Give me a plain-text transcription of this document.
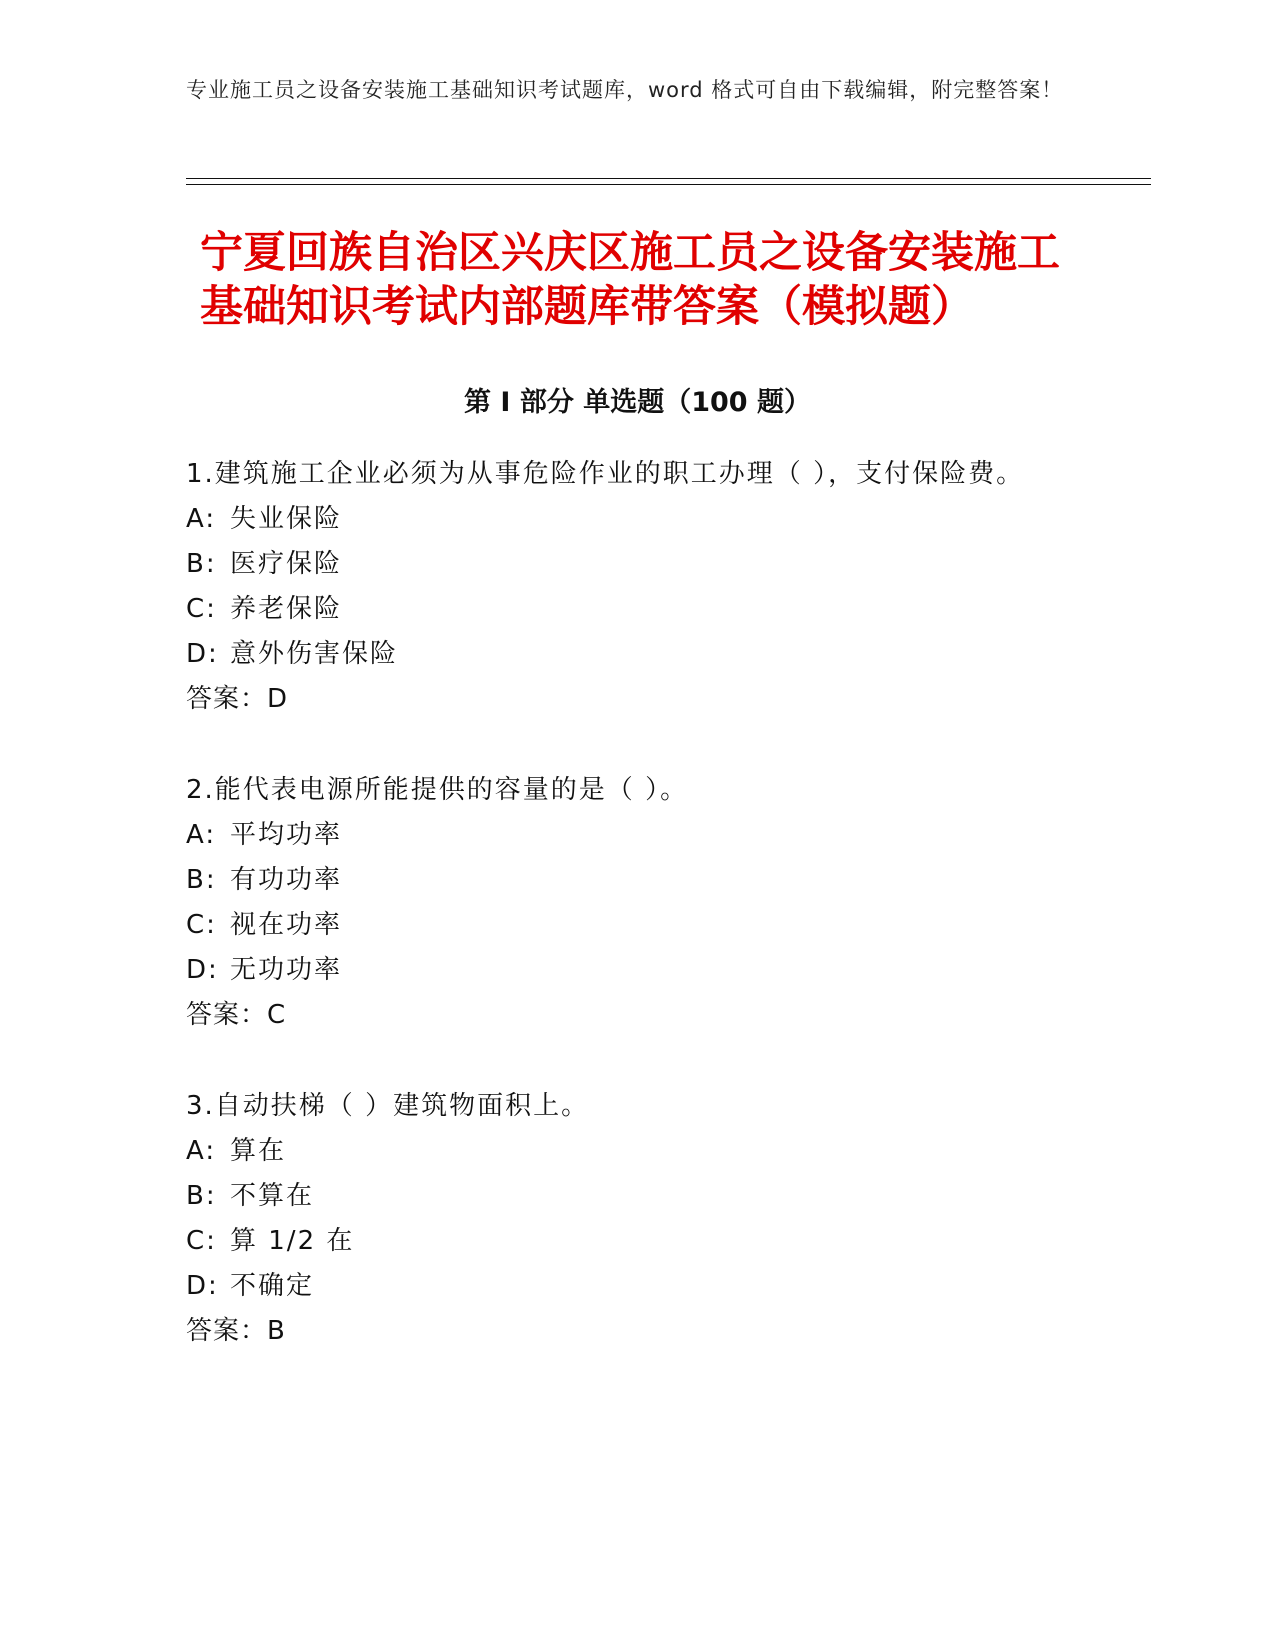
专业施工员之设备安装施工基础知识考试题库，word 格式可自由下载编辑，附完整答案！
宁夏回族自治区兴庆区施工员之设备安装施工基础知识考试内部题库带答案（模拟题）
第 I 部分 单选题（100 题）
1.建筑施工企业必须为从事危险作业的职工办理（ ），支付保险费。
A: 失业保险
B: 医疗保险
C: 养老保险
D: 意外伤害保险
答案：D
2.能代表电源所能提供的容量的是（ ）。
A: 平均功率
B: 有功功率
C: 视在功率
D: 无功功率
答案：C
3.自动扶梯（ ）建筑物面积上。
A: 算在
B: 不算在
C: 算 1/2 在
D: 不确定
答案：B
